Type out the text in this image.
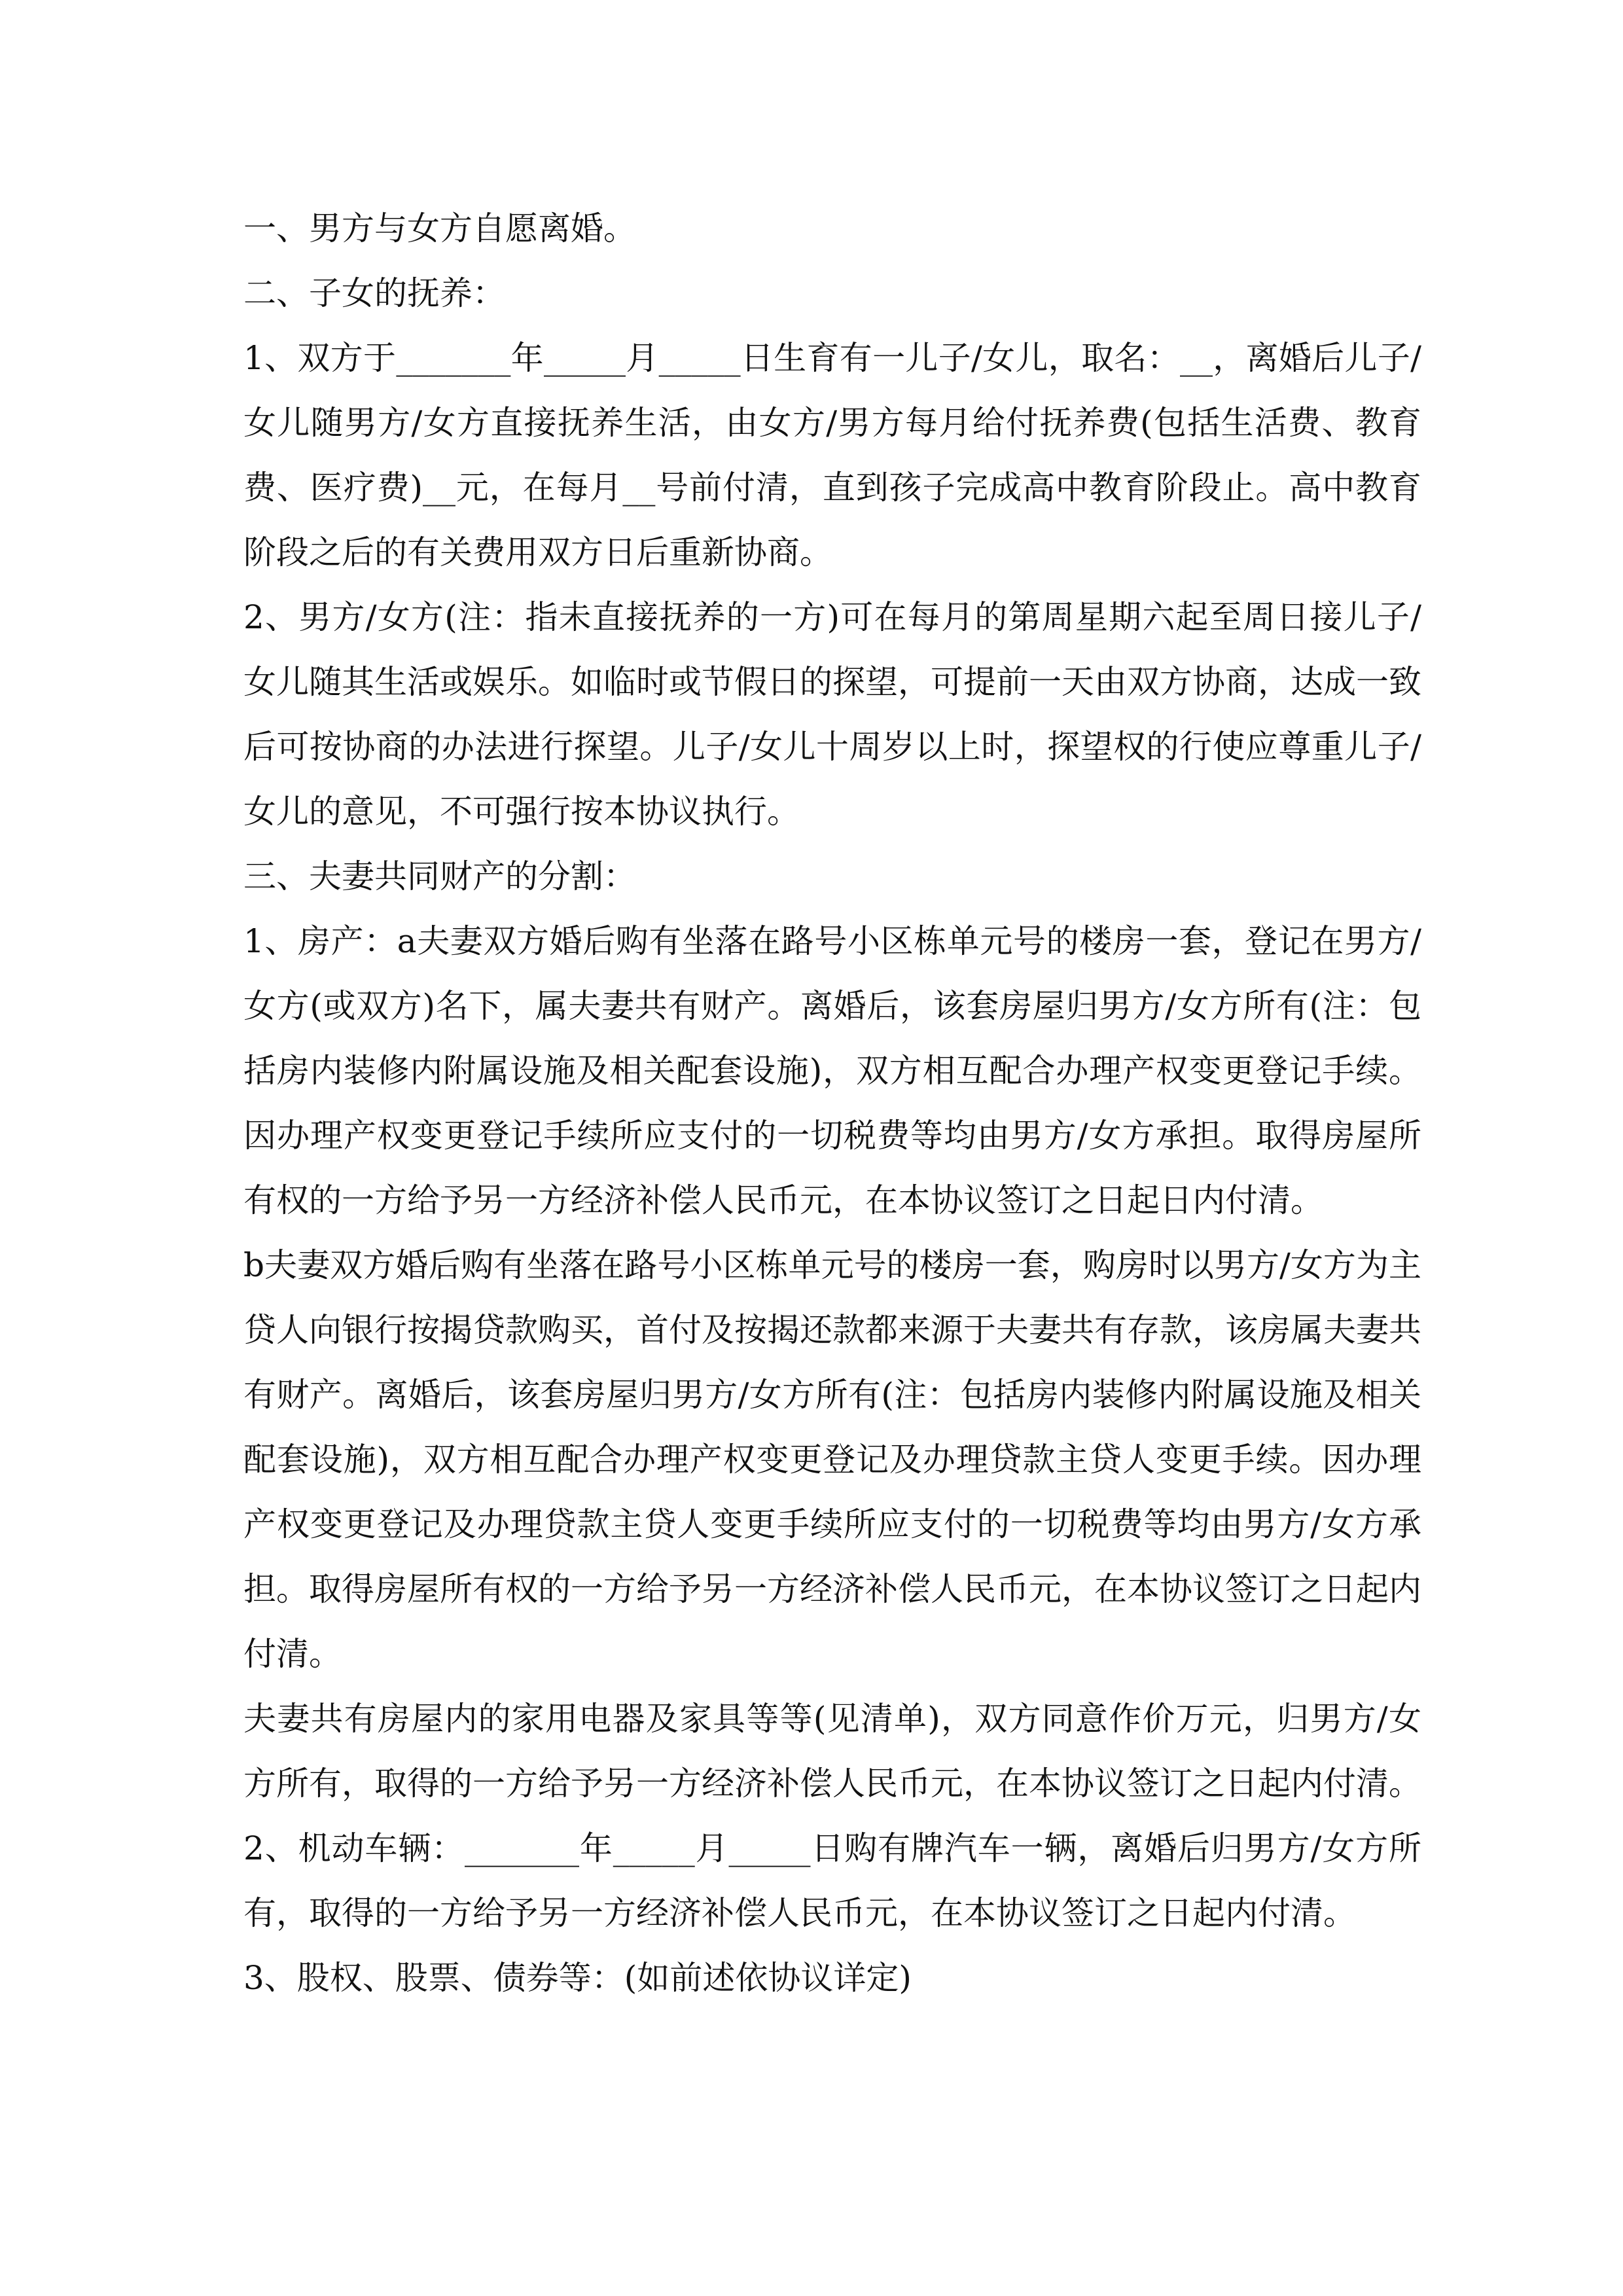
一、男方与女方自愿离婚。

二、子女的抚养：

1、双方于_______年_____月_____日生育有一儿子/女儿，取名：__，离婚后儿子/女儿随男方/女方直接抚养生活，由女方/男方每月给付抚养费(包括生活费、教育费、医疗费)__元，在每月__号前付清，直到孩子完成高中教育阶段止。高中教育阶段之后的有关费用双方日后重新协商。

2、男方/女方(注：指未直接抚养的一方)可在每月的第周星期六起至周日接儿子/女儿随其生活或娱乐。如临时或节假日的探望，可提前一天由双方协商，达成一致后可按协商的办法进行探望。儿子/女儿十周岁以上时，探望权的行使应尊重儿子/女儿的意见，不可强行按本协议执行。

三、夫妻共同财产的分割：

1、房产：a夫妻双方婚后购有坐落在路号小区栋单元号的楼房一套，登记在男方/女方(或双方)名下，属夫妻共有财产。离婚后，该套房屋归男方/女方所有(注：包括房内装修内附属设施及相关配套设施)，双方相互配合办理产权变更登记手续。因办理产权变更登记手续所应支付的一切税费等均由男方/女方承担。取得房屋所有权的一方给予另一方经济补偿人民币元，在本协议签订之日起日内付清。

b夫妻双方婚后购有坐落在路号小区栋单元号的楼房一套，购房时以男方/女方为主贷人向银行按揭贷款购买，首付及按揭还款都来源于夫妻共有存款，该房属夫妻共有财产。离婚后，该套房屋归男方/女方所有(注：包括房内装修内附属设施及相关配套设施)，双方相互配合办理产权变更登记及办理贷款主贷人变更手续。因办理产权变更登记及办理贷款主贷人变更手续所应支付的一切税费等均由男方/女方承担。取得房屋所有权的一方给予另一方经济补偿人民币元，在本协议签订之日起内付清。

夫妻共有房屋内的家用电器及家具等等(见清单)，双方同意作价万元，归男方/女方所有，取得的一方给予另一方经济补偿人民币元，在本协议签订之日起内付清。

2、机动车辆：_______年_____月_____日购有牌汽车一辆，离婚后归男方/女方所有，取得的一方给予另一方经济补偿人民币元，在本协议签订之日起内付清。

3、股权、股票、债券等：(如前述依协议详定)
